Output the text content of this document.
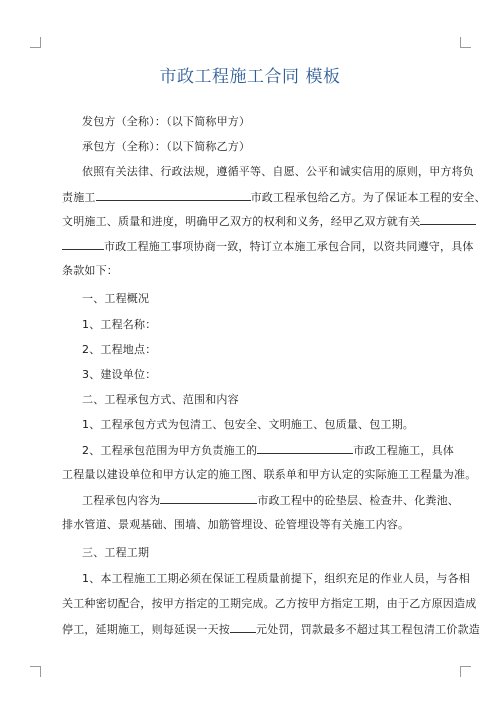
市政工程施工合同 模板
发包方（全称）：（以下简称甲方）
承包方（全称）：（以下简称乙方）
依照有关法律、行政法规，遵循平等、自愿、公平和诚实信用的原则，甲方将负
责施工	市政工程承包给乙方。为了保证本工程的安全、
文明施工、质量和进度，明确甲乙双方的权利和义务，经甲乙双方就有关
市政工程施工事项协商一致，特订立本施工承包合同，以资共同遵守，具体
条款如下：
一、工程概况
1、工程名称：
2、工程地点：
3、建设单位：
二、工程承包方式、范围和内容
1、工程承包方式为包清工、包安全、文明施工、包质量、包工期。
2、工程承包范围为甲方负责施工的	市政工程施工，具体
工程量以建设单位和甲方认定的施工图、联系单和甲方认定的实际施工工程量为准。
工程承包内容为	市政工程中的砼垫层、检查井、化粪池、
排水管道、景观基础、围墙、加筋管埋设、砼管埋设等有关施工内容。
三、工程工期
1、本工程施工工期必须在保证工程质量前提下，组织充足的作业人员，与各相
关工种密切配合，按甲方指定的工期完成。乙方按甲方指定工期，由于乙方原因造成
停工，延期施工，则每延误一天按 元处罚，罚款最多不超过其工程包清工价款造
